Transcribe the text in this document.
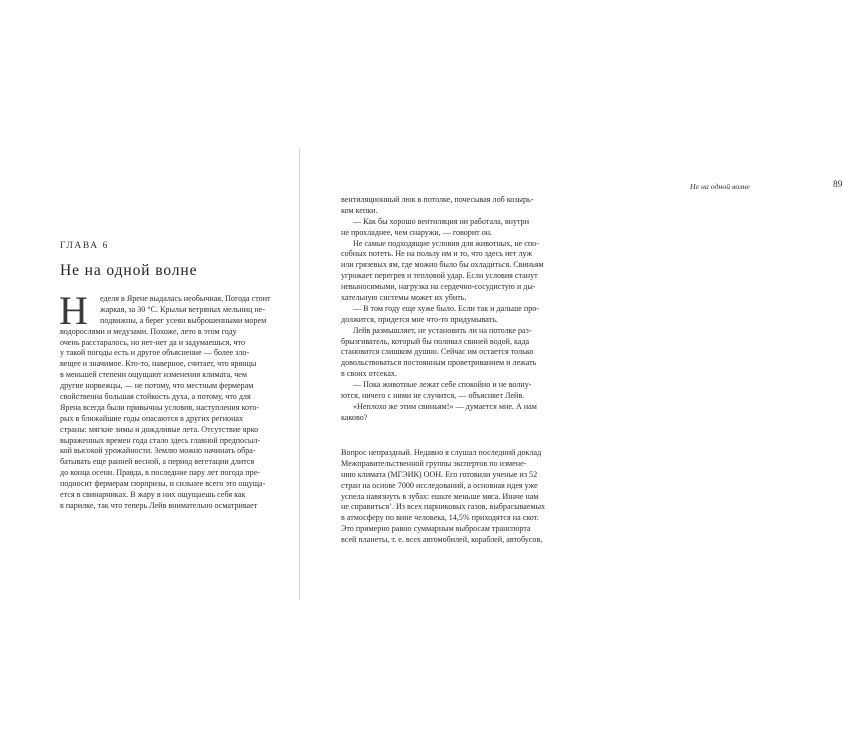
ГЛАВА 6
Не на одной волне
Н	еделя в Ярене выдалась необычная. Погода стоит
жаркая, за 30 °С. Крылья ветряных мельниц не-
подвижны, а берег усеян выброшенными морем
водорослями и медузами. Похоже, лето в этом году
очень расстаралось, но нет-нет да и задумаешься, что
у такой погоды есть и другое объяснение — более зло-
вещее и значимое. Кто-то, наверное, считает, что ярянцы
в меньшей степени ощущают изменения климата, чем
другие норвежцы, — не потому, что местным фермерам
свойственна большая стойкость духа, а потому, что для
Ярена всегда были привычны условия, наступления кото-
рых в ближайшие годы опасаются в других регионах
страны: мягкие зимы и дождливые лета. Отсутствие ярко
выраженных времен года стало здесь главной предпосыл-
кой высокой урожайности. Землю можно начинать обра-
батывать еще ранней весной, а период вегетации длится
до конца осени. Правда, в последние пару лет погода пре-
подносит фермерам сюрпризы, и сильнее всего это ощуща-
ется в свинарниках. В жару в них ощущаешь себя как
в парилке, так что теперь Лейв внимательно осматривает
Не на одной волне	89
вентиляционный люк в потолке, почесывая лоб козырь-
ком кепки.
— Как бы хорошо вентиляция ни работала, внутри
не прохладнее, чем снаружи, — говорит он.
Не самые подходящие условия для животных, не спо-
собных потеть. Не на пользу им и то, что здесь нет луж
или грязевых ям, где можно было бы охладиться. Свиньям
угрожает перегрев и тепловой удар. Если условия станут
невыносимыми, нагрузка на сердечно-сосудистую и ды-
хательную системы может их убить.
— В том году еще хуже было. Если так и дальше про-
должится, придется мне что-то придумывать.
Лейв размышляет, не установить ли на потолке раз-
брызгиватель, который бы поливал свиней водой, када
становится слишком душно. Сейчас им остается только
довольствоваться постоянным проветриванием и лежать
в своих отсеках.
— Пока животные лежат себе спокойно и не волну-
ются, ничего с ними не случится, — объясняет Лейв.
«Неплохо же этим свиньям!» — думается мне. А нам
каково?
Вопрос непраздный. Недавно я слушал последний доклад
Межправительственной группы экспертов по измене-
нию климата (МГЭИК) ООН. Его готовили ученые из 52
стран на основе 7000 исследований, а основная идея уже
успела навязнуть в зубах: ешьте меньше мяса. Иначе нам
не справиться’. Из всех парниковых газов, выбрасываемых
в атмосферу по вине человека, 14,5% приходятся на скот.
Это примерно равно суммарным выбросам транспорта
всей планеты, т. е. всех автомобилей, кораблей, автобусов,
